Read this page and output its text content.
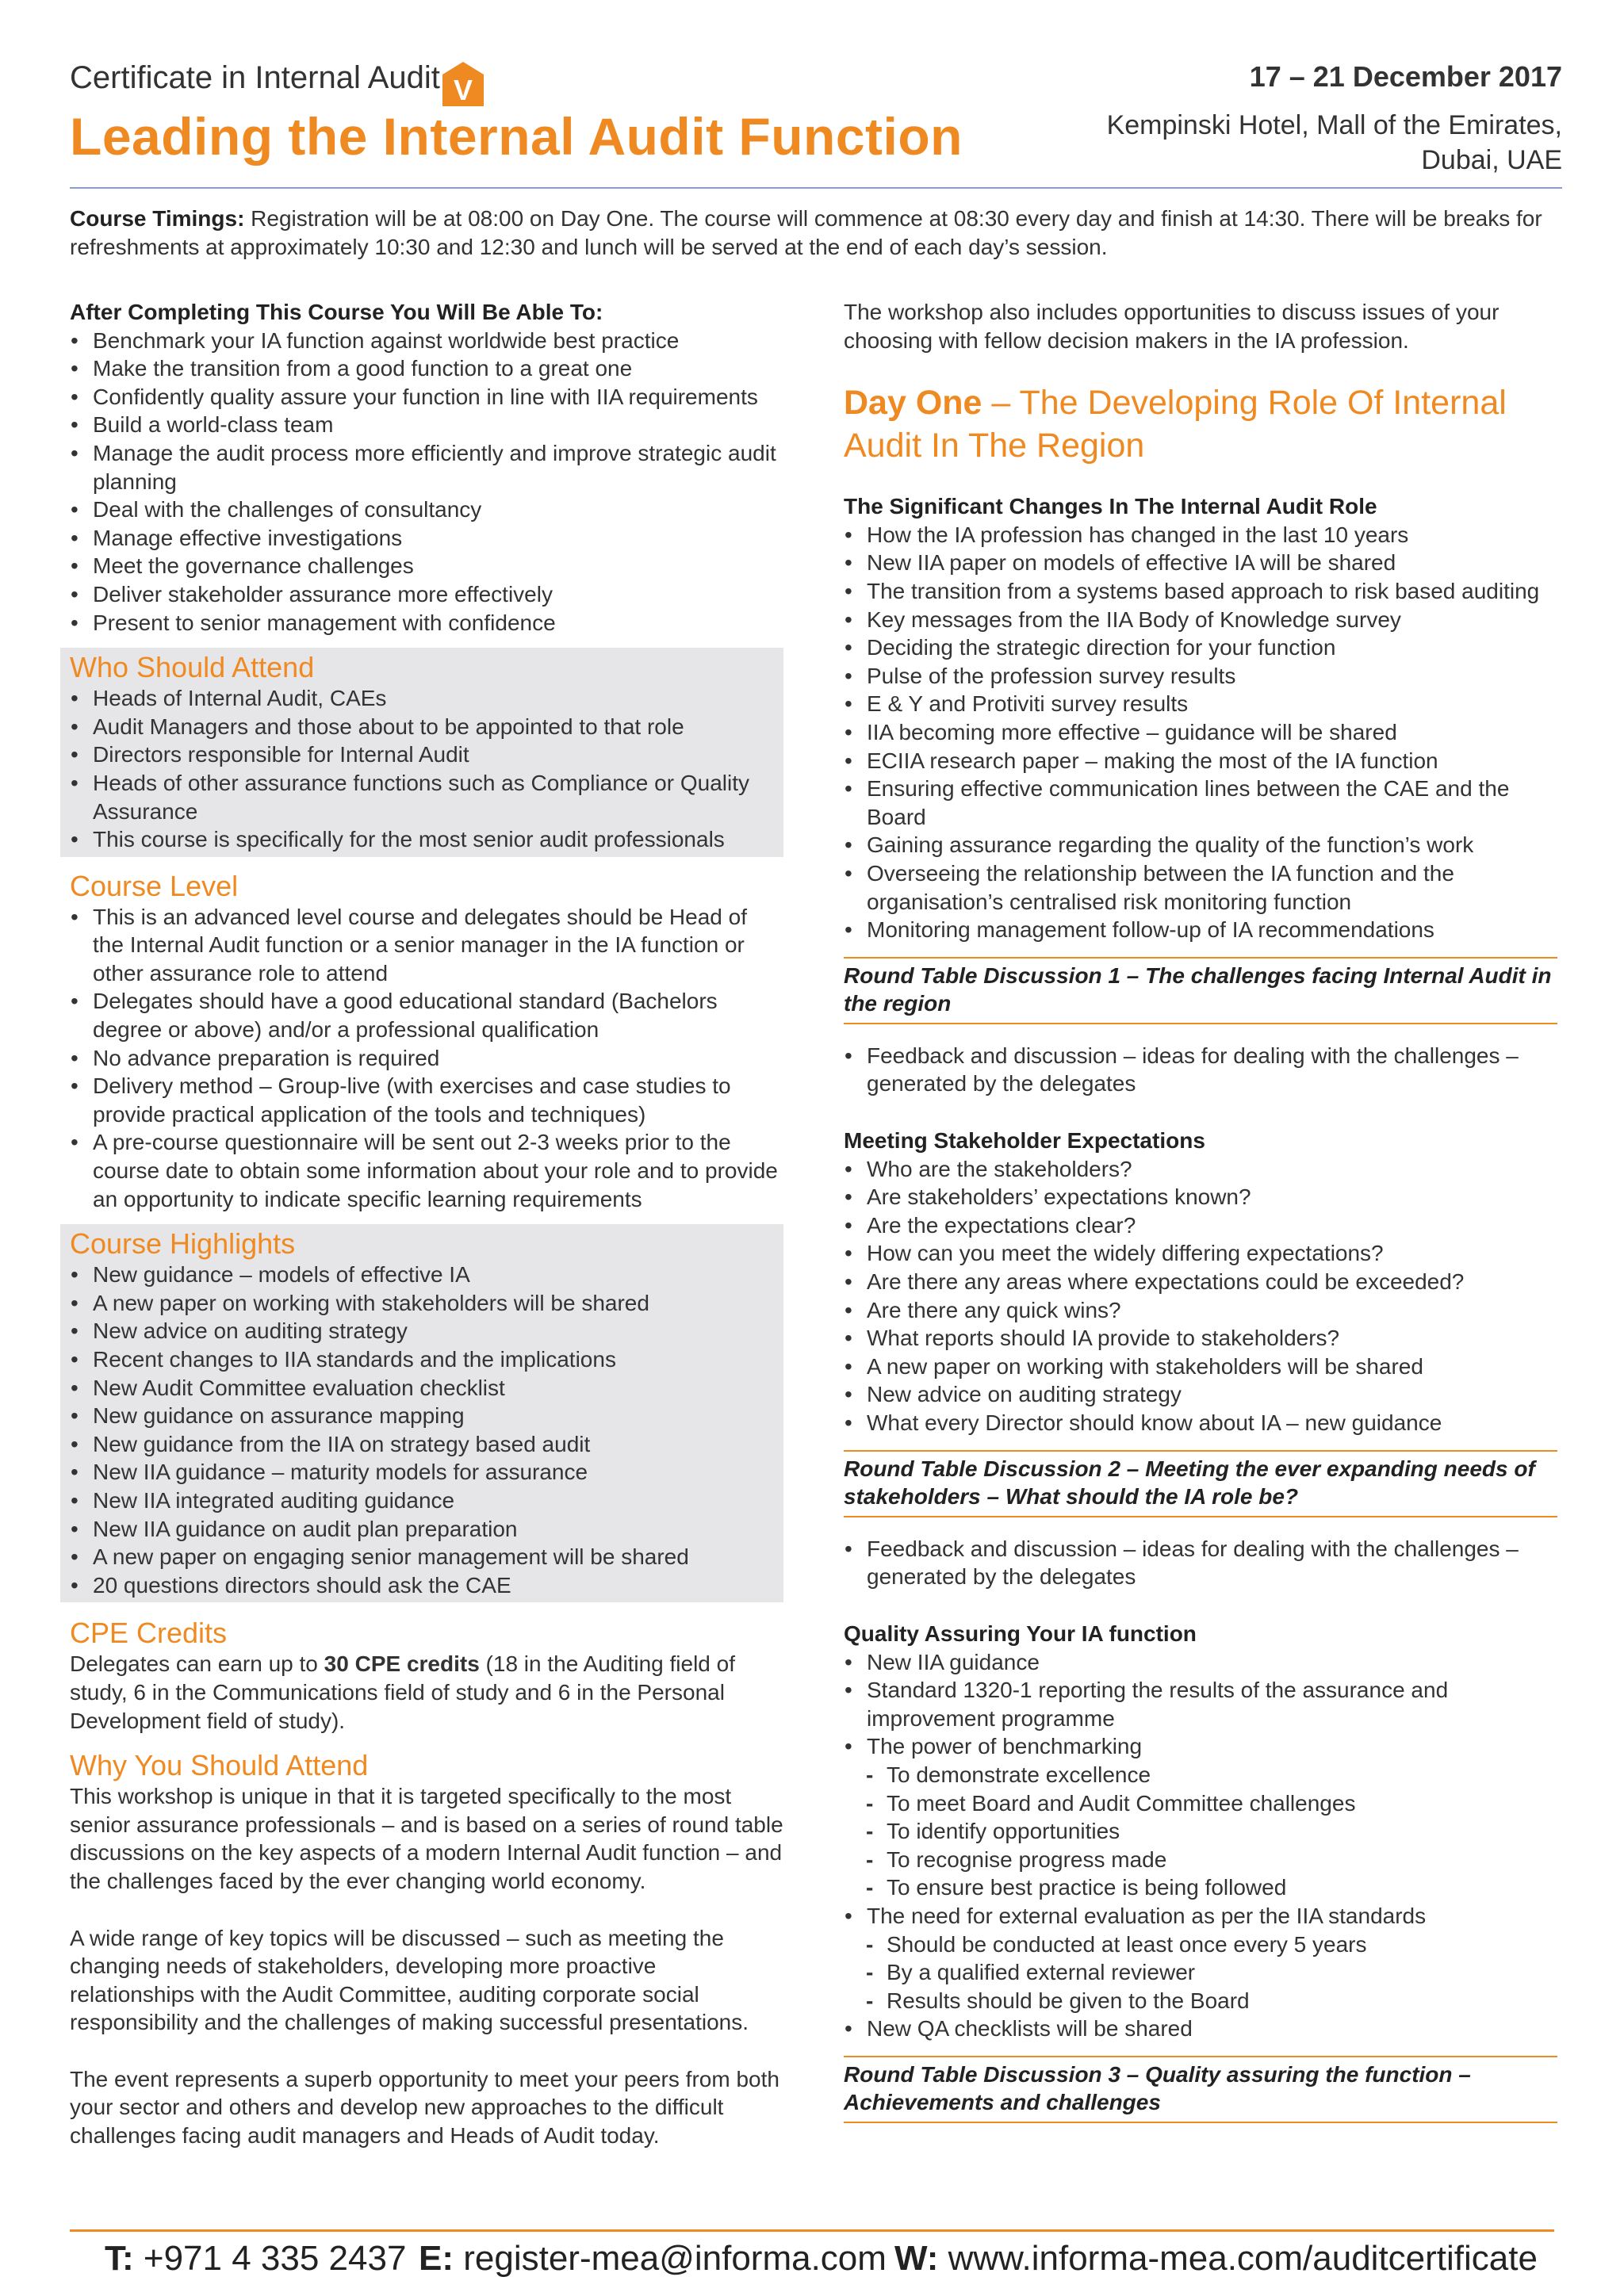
Certificate in Internal Audit V
Leading the Internal Audit Function
17 – 21 December 2017
Kempinski Hotel, Mall of the Emirates,
Dubai, UAE
Course Timings: Registration will be at 08:00 on Day One. The course will commence at 08:30 every day and finish at 14:30. There will be breaks for refreshments at approximately 10:30 and 12:30 and lunch will be served at the end of each day’s session.
After Completing This Course You Will Be Able To:
• Benchmark your IA function against worldwide best practice
• Make the transition from a good function to a great one
• Confidently quality assure your function in line with IIA requirements
• Build a world-class team
• Manage the audit process more efficiently and improve strategic audit planning
• Deal with the challenges of consultancy
• Manage effective investigations
• Meet the governance challenges
• Deliver stakeholder assurance more effectively
• Present to senior management with confidence
Who Should Attend
• Heads of Internal Audit, CAEs
• Audit Managers and those about to be appointed to that role
• Directors responsible for Internal Audit
• Heads of other assurance functions such as Compliance or Quality Assurance
• This course is specifically for the most senior audit professionals
Course Level
• This is an advanced level course and delegates should be Head of the Internal Audit function or a senior manager in the IA function or other assurance role to attend
• Delegates should have a good educational standard (Bachelors degree or above) and/or a professional qualification
• No advance preparation is required
• Delivery method – Group-live (with exercises and case studies to provide practical application of the tools and techniques)
• A pre-course questionnaire will be sent out 2-3 weeks prior to the course date to obtain some information about your role and to provide an opportunity to indicate specific learning requirements
Course Highlights
• New guidance – models of effective IA
• A new paper on working with stakeholders will be shared
• New advice on auditing strategy
• Recent changes to IIA standards and the implications
• New Audit Committee evaluation checklist
• New guidance on assurance mapping
• New guidance from the IIA on strategy based audit
• New IIA guidance – maturity models for assurance
• New IIA integrated auditing guidance
• New IIA guidance on audit plan preparation
• A new paper on engaging senior management will be shared
• 20 questions directors should ask the CAE
CPE Credits

Delegates can earn up to 30 CPE credits (18 in the Auditing field of study, 6 in the Communications field of study and 6 in the Personal Development field of study).

Why You Should Attend

This workshop is unique in that it is targeted specifically to the most senior assurance professionals – and is based on a series of round table discussions on the key aspects of a modern Internal Audit function – and the challenges faced by the ever changing world economy.

A wide range of key topics will be discussed – such as meeting the changing needs of stakeholders, developing more proactive relationships with the Audit Committee, auditing corporate social responsibility and the challenges of making successful presentations.

The event represents a superb opportunity to meet your peers from both your sector and others and develop new approaches to the difficult challenges facing audit managers and Heads of Audit today.

The workshop also includes opportunities to discuss issues of your choosing with fellow decision makers in the IA profession.

Day One – The Developing Role Of Internal Audit In The Region
The Significant Changes In The Internal Audit Role
• How the IA profession has changed in the last 10 years
• New IIA paper on models of effective IA will be shared
• The transition from a systems based approach to risk based auditing
• Key messages from the IIA Body of Knowledge survey
• Deciding the strategic direction for your function
• Pulse of the profession survey results
• E & Y and Protiviti survey results
• IIA becoming more effective – guidance will be shared
• ECIIA research paper – making the most of the IA function
• Ensuring effective communication lines between the CAE and the Board
• Gaining assurance regarding the quality of the function’s work
• Overseeing the relationship between the IA function and the organisation’s centralised risk monitoring function
• Monitoring management follow-up of IA recommendations
Round Table Discussion 1 – The challenges facing Internal Audit in the region
• Feedback and discussion – ideas for dealing with the challenges – generated by the delegates
Meeting Stakeholder Expectations
• Who are the stakeholders?
• Are stakeholders’ expectations known?
• Are the expectations clear?
• How can you meet the widely differing expectations?
• Are there any areas where expectations could be exceeded?
• Are there any quick wins?
• What reports should IA provide to stakeholders?
• A new paper on working with stakeholders will be shared
• New advice on auditing strategy
• What every Director should know about IA – new guidance
Round Table Discussion 2 – Meeting the ever expanding needs of stakeholders – What should the IA role be?
• Feedback and discussion – ideas for dealing with the challenges – generated by the delegates
Quality Assuring Your IA function
• New IIA guidance
• Standard 1320-1 reporting the results of the assurance and improvement programme
• The power of benchmarking
- To demonstrate excellence
- To meet Board and Audit Committee challenges
- To identify opportunities
- To recognise progress made
- To ensure best practice is being followed
• The need for external evaluation as per the IIA standards
- Should be conducted at least once every 5 years
- By a qualified external reviewer
- Results should be given to the Board
• New QA checklists will be shared
Round Table Discussion 3 – Quality assuring the function – Achievements and challenges
T: +971 4 335 2437 E: register-mea@informa.com W: www.informa-mea.com/auditcertificate
